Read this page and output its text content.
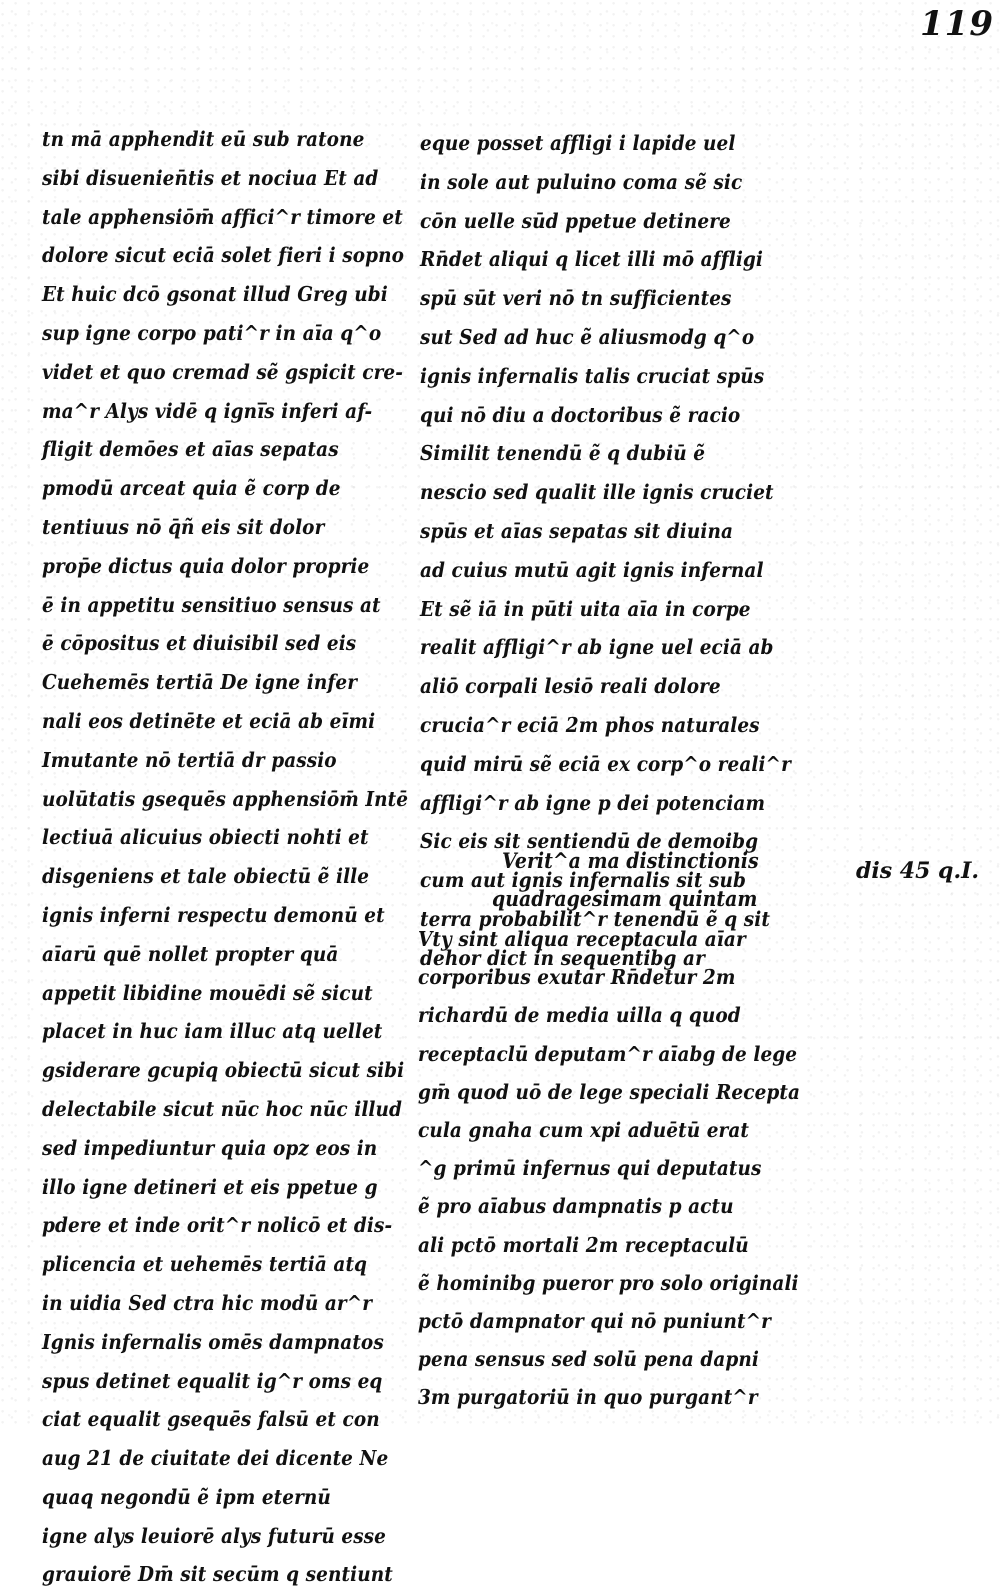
119
tn mā apphendit eū sub ratone
sibi disuenien̄tis et nociua Et ad
tale apphensiōm̄ affici^r timore et
dolore sicut eciā solet fieri i sopno
Et huic dcō gsonat illud Greg ubi
sup igne corpo pati^r in aīa q^o
videt et quo cremad sẽ gspicit cre-
ma^r Alys vidē q igni̅s inferi af-
fligit demōes et aīas sepatas
pmodū arceat quia ẽ corp de
tentiuus nō q̄ñ eis sit dolor
prop̄e dictus quia dolor proprie
ē in appetitu sensitiuo sensus at
ē cōpositus et diuisibil sed eis
Cuehemēs tertiā De igne infer
nali eos detinēte et eciā ab eīmi
Imutante nō tertiā dr passio
uolūtatis gsequēs apphensiōm̄ Intē
lectiuā alicuius obiecti nohti et
disgeniens et tale obiectū ẽ ille
ignis inferni respectu demonū et
aīarū quē nollet propter quā
appetit libidine mouēdi sẽ sicut
placet in huc iam illuc atq uellet
gsiderare gcupiq obiectū sicut sibi
delectabile sicut nūc hoc nūc illud
sed impediuntur quia opz eos in
illo igne detineri et eis ppetue g
pdere et inde orit^r nolicō et dis-
plicencia et uehemēs tertiā atq
in uidia Sed ctra hic modū ar^r
Ignis infernalis omēs dampnatos
spus detinet equalit ig^r oms eq
ciat equalit gsequēs falsū et con
aug 21 de ciuitate dei dicente Ne
quaq negondū ẽ ipm eternū
igne alys leuiorē alys futurū esse
grauiorē Dm̄ sit secūm q sentiunt
eque posset affligi i lapide uel
in sole aut puluino coma sẽ sic
cōn uelle sūd ppetue detinere
Rn̄det aliqui q licet illi mō affligi
spū sūt veri nō tn sufficientes
sut Sed ad huc ẽ aliusmodg q^o
ignis infernalis talis cruciat spūs
qui nō diu a doctoribus ẽ racio
Similit tenendū ẽ q dubiū ẽ
nescio sed qualit ille ignis cruciet
spūs et aīas sepatas sit diuina
ad cuius mutū agit ignis infernal
Et sẽ iā in pūti uita aīa in corpe
realit affligi^r ab igne uel eciā ab
aliō corpali lesiō reali dolore
crucia^r eciā 2m phos naturales
quid mirū sẽ eciā ex corp^o reali^r
affligi^r ab igne p dei potenciam
Sic eis sit sentiendū de demoibg
cum aut ignis infernalis sit sub
terra probabilit^r tenendū ẽ q sit
dehor dict in sequentibg ar
Verit^a ma distinctionis
quadragesimam quintam
dis 45 q.I.
Vty sint aliqua receptacula aīar
corporibus exutar Rn̄detur 2m
richardū de media uilla q quod
receptaclū deputam^r aīabg de lege
gm̄ quod uō de lege speciali Recepta
cula gnaha cum xpi aduētū erat
^g primū infernus qui deputatus
ẽ pro aīabus dampnatis p actu
ali pctō mortali 2m receptaculū
ẽ hominibg pueror pro solo originali
pctō dampnator qui nō puniunt^r
pena sensus sed solū pena dapni
3m purgatoriū in quo purgant^r
